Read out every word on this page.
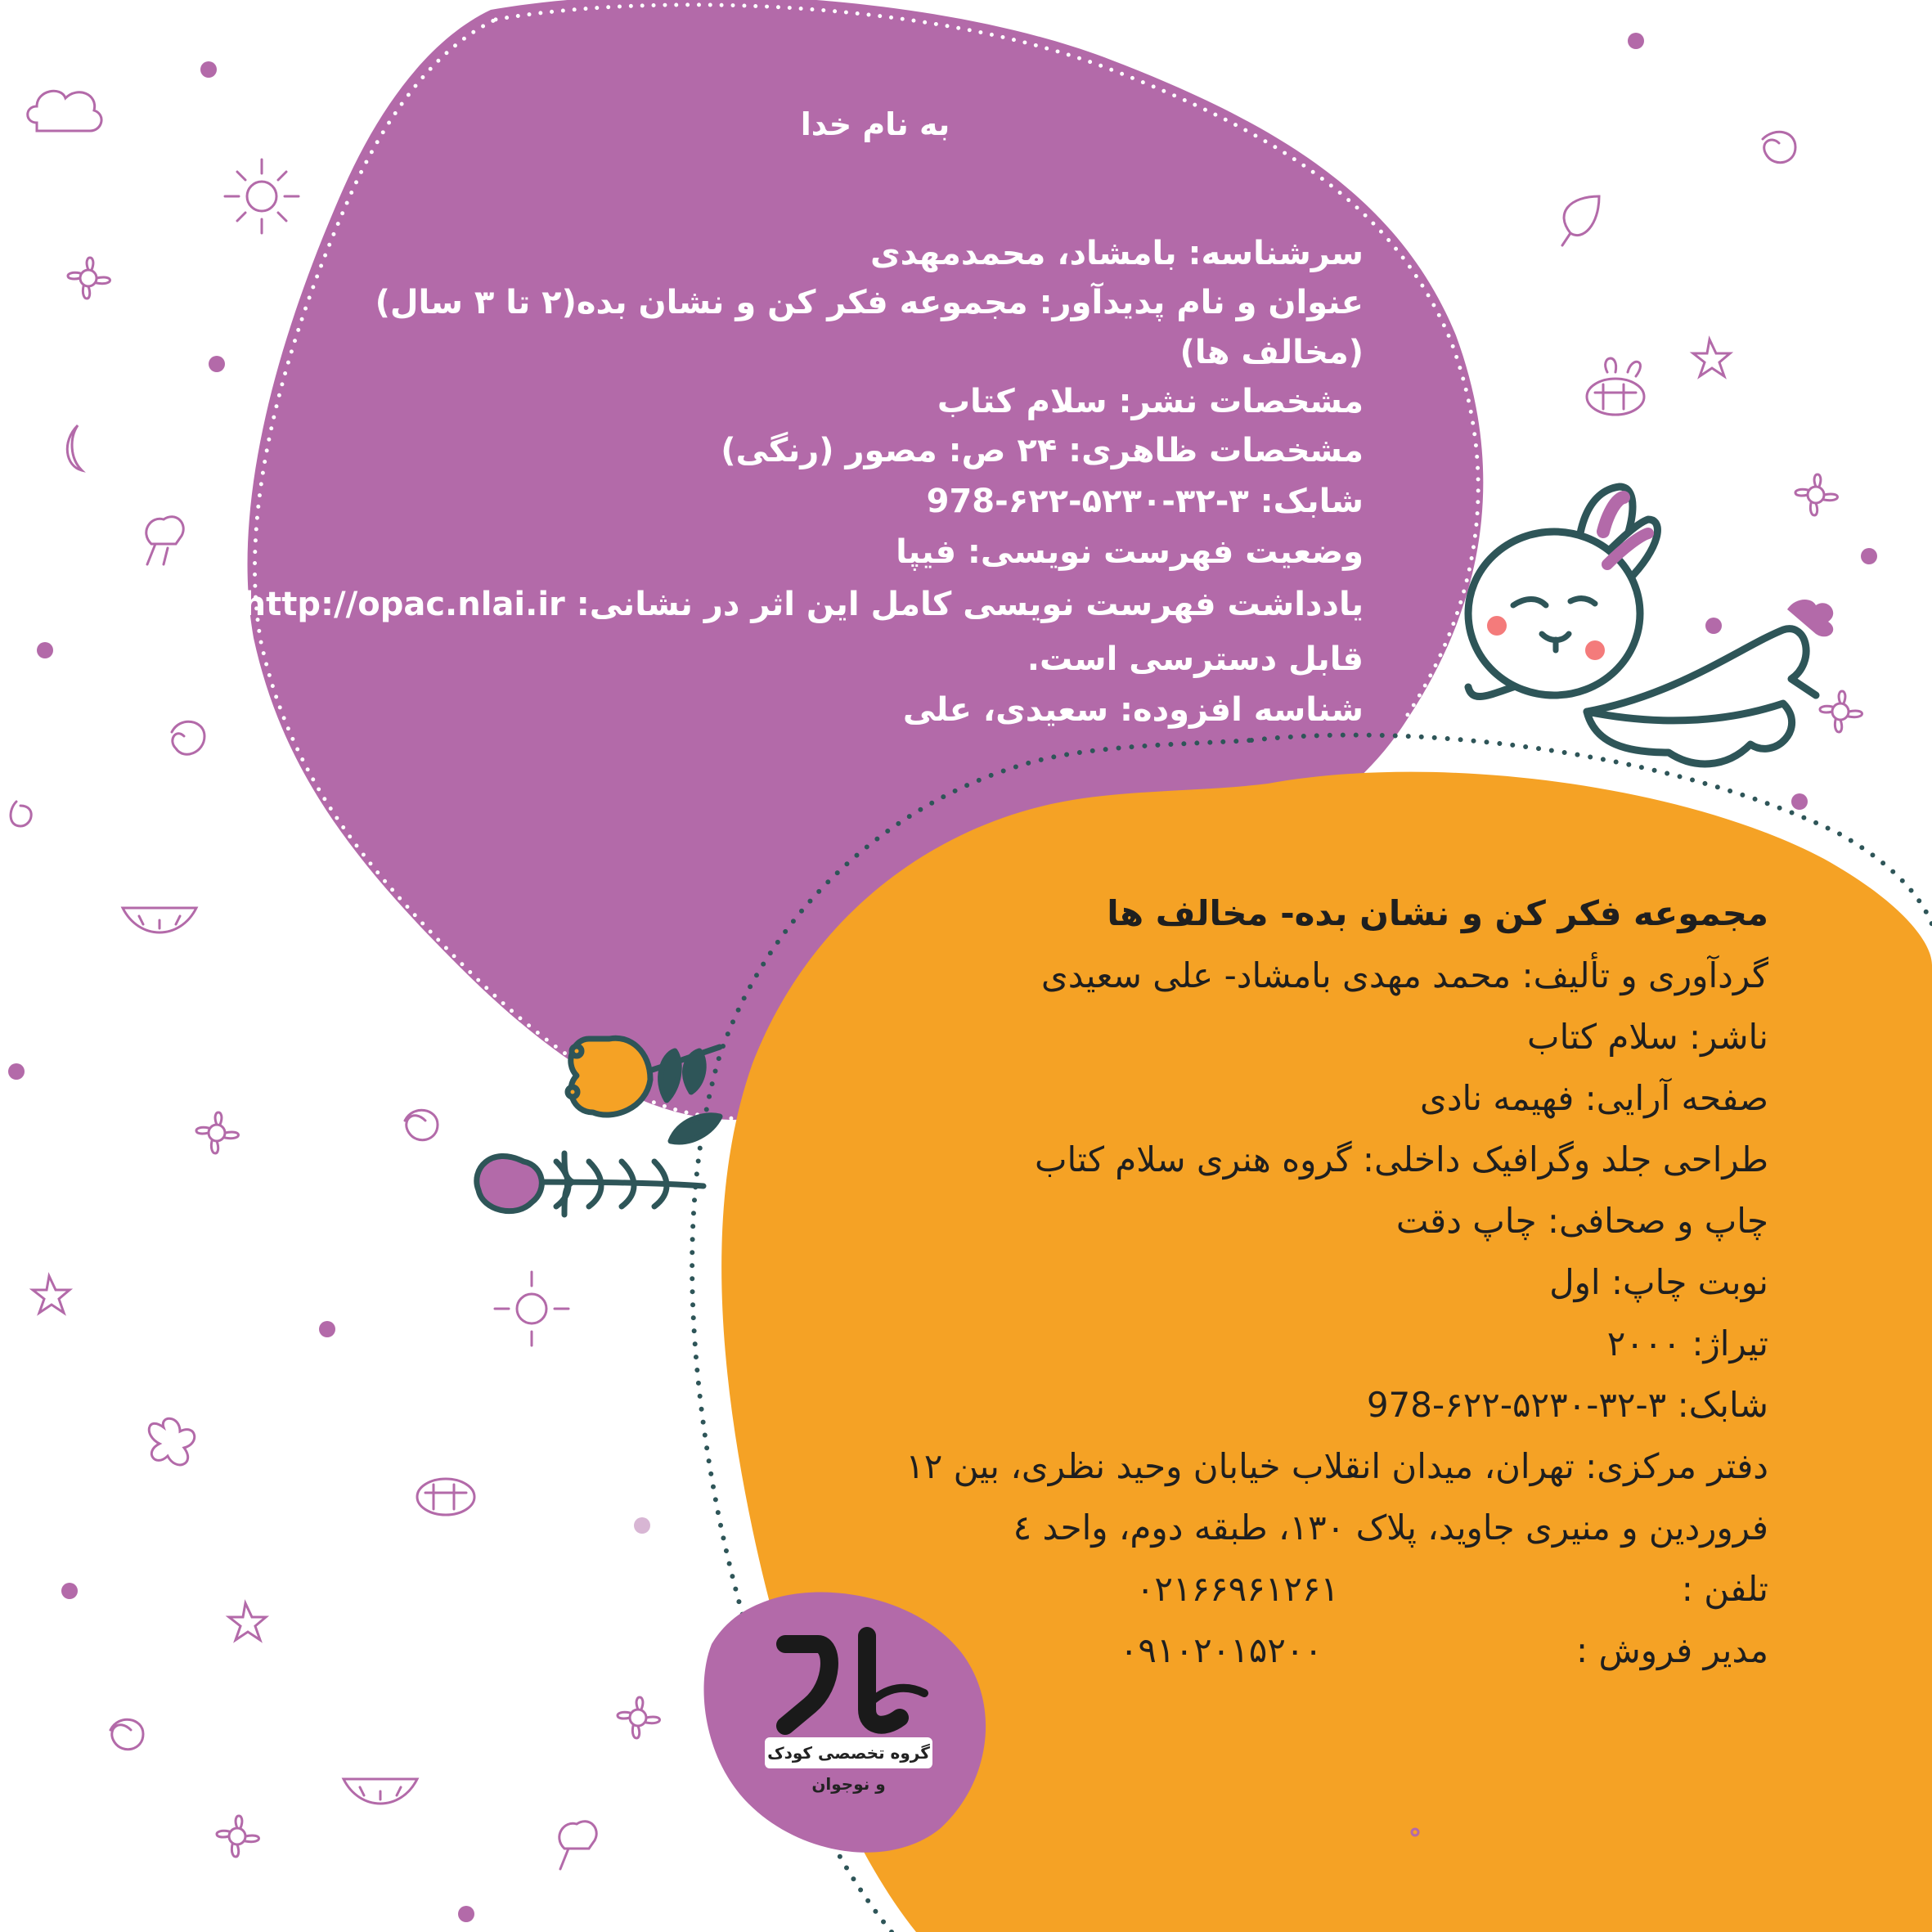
به نام خدا
سرشناسه: بامشاد، محمدمهدی
عنوان و نام پدیدآور: مجموعه فکر کن و نشان بده(۲ تا ۳ سال)
(مخالف ها)
مشخصات نشر: سلام کتاب
مشخصات ظاهری: ۲۴ ص: مصور (رنگی)
شابک: ۳-۳۲-۵۲۳۰-۶۲۲-978
وضعیت فهرست نویسی: فیپا
یادداشت فهرست نویسی کامل این اثر در نشانی: http://opac.nlai.ir
قابل دسترسی است.
شناسه افزوده: سعیدی، علی
مجموعه فکر کن و نشان بده- مخالف ها
گردآوری و تألیف: محمد مهدی بامشاد- علی سعیدی
ناشر: سلام کتاب
صفحه آرایی: فهیمه نادی
طراحی جلد وگرافیک داخلی: گروه هنری سلام کتاب
چاپ و صحافی: چاپ دقت
نوبت چاپ: اول
تیراژ: ۲۰۰۰
شابک: ۳-۳۲-۵۲۳۰-۶۲۲-978
دفتر مرکزی: تهران، میدان انقلاب خیابان وحید نظری، بین ۱۲
فروردین و منیری جاوید، پلاک ۱۳۰، طبقه دوم، واحد ٤
تلفن :
۰۲۱۶۶۹۶۱۲۶۱
مدیر فروش :
۰۹۱۰۲۰۱۵۲۰۰
گروه تخصصی کودک و نوجوان
